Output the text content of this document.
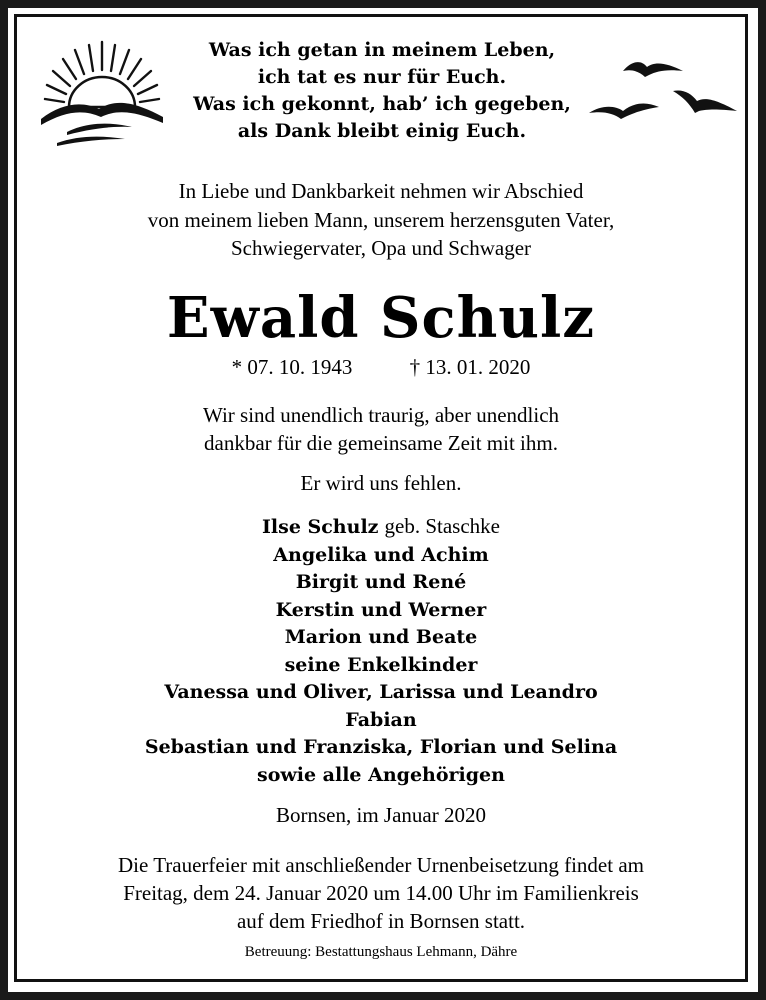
Was ich getan in meinem Leben,
ich tat es nur für Euch.
Was ich gekonnt, hab’ ich gegeben,
als Dank bleibt einig Euch.
In Liebe und Dankbarkeit nehmen wir Abschied
von meinem lieben Mann, unserem herzensguten Vater,
Schwiegervater, Opa und Schwager
Ewald Schulz
* 07. 10. 1943	† 13. 01. 2020
Wir sind unendlich traurig, aber unendlich
dankbar für die gemeinsame Zeit mit ihm.
Er wird uns fehlen.
Ilse Schulz geb. Staschke
Angelika und Achim
Birgit und René
Kerstin und Werner
Marion und Beate
seine Enkelkinder
Vanessa und Oliver, Larissa und Leandro
Fabian
Sebastian und Franziska, Florian und Selina
sowie alle Angehörigen
Bornsen, im Januar 2020
Die Trauerfeier mit anschließender Urnenbeisetzung findet am
Freitag, dem 24. Januar 2020 um 14.00 Uhr im Familienkreis
auf dem Friedhof in Bornsen statt.
Betreuung: Bestattungshaus Lehmann, Dähre
